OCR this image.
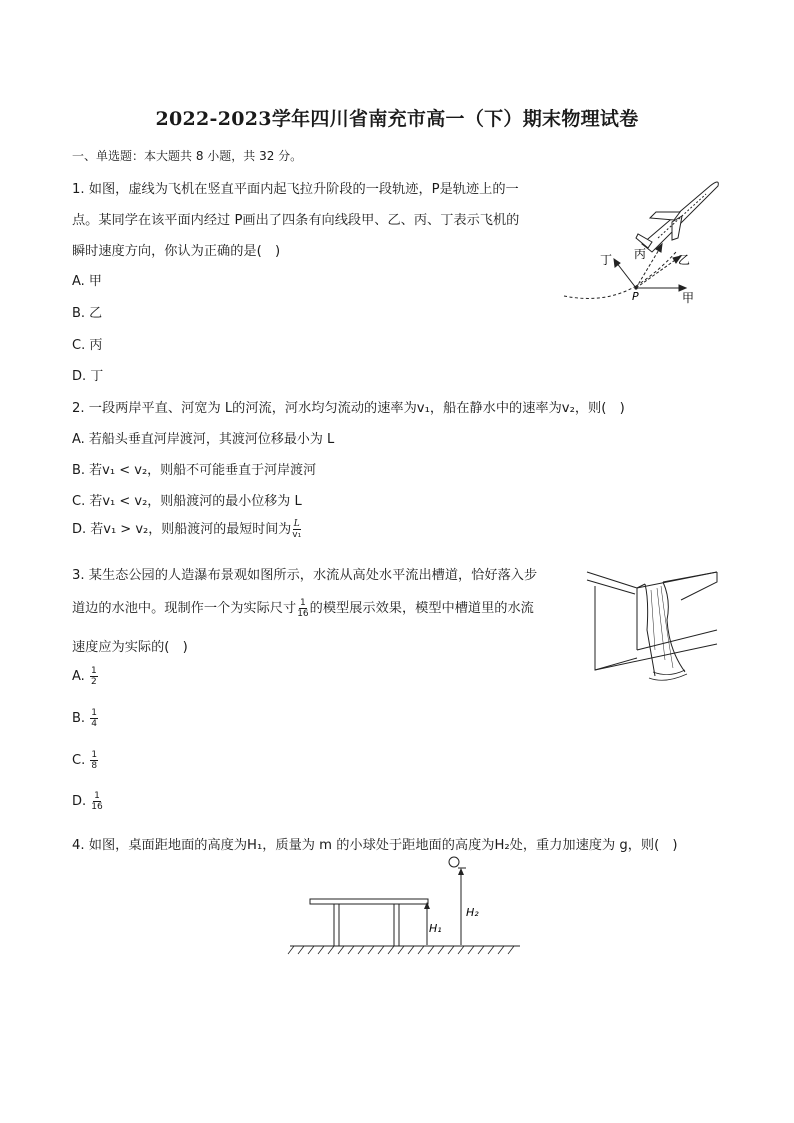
2022-2023学年四川省南充市高一（下）期末物理试卷
一、单选题：本大题共 8 小题，共 32 分。
1. 如图，虚线为飞机在竖直平面内起飞拉升阶段的一段轨迹，P是轨迹上的一
点。某同学在该平面内经过 P画出了四条有向线段甲、乙、丙、丁表示飞机的
瞬时速度方向，你认为正确的是(　)
A. 甲
B. 乙
C. 丙
D. 丁
丁 丙	乙
甲
P
2. 一段两岸平直、河宽为 L的河流，河水均匀流动的速率为v₁，船在静水中的速率为v₂，则(　)
A. 若船头垂直河岸渡河，其渡河位移最小为 L
B. 若v₁ < v₂，则船不可能垂直于河岸渡河
C. 若v₁ < v₂，则船渡河的最小位移为 L
D. 若v₁ > v₂，则船渡河的最短时间为 $\frac{L}{\text{v₁}}$
3. 某生态公园的人造瀑布景观如图所示，水流从高处水平流出槽道，恰好落入步
道边的水池中。现制作一个为实际尺寸 $\frac{1}{16}$ 的模型展示效果，模型中槽道里的水流
速度应为实际的(　)
A. $\frac{1}{2}$
B. $\frac{1}{4}$
C. $\frac{1}{8}$
D. $\frac{1}{16}$
4. 如图，桌面距地面的高度为H₁，质量为 m 的小球处于距地面的高度为H₂处，重力加速度为 g，则(　)
H₁
H₂
